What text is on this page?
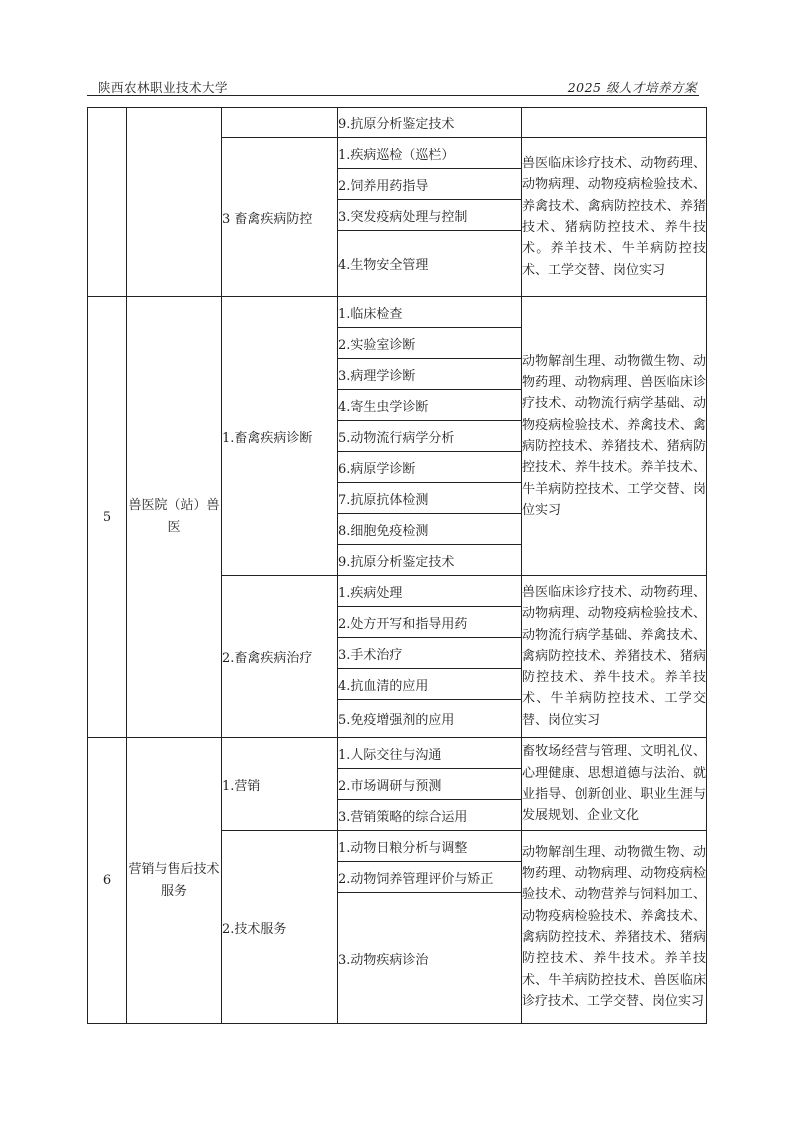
陕西农林职业技术大学	2025 级人才培养方案
			9.抗原分析鉴定技术	
		3 畜禽疾病防控	1.疾病巡检（巡栏）	兽医临床诊疗技术、动物药理、动物病理、动物疫病检验技术、养禽技术、禽病防控技术、养猪技术、猪病防控技术、养牛技术。养羊技术、牛羊病防控技术、工学交替、岗位实习
			2.饲养用药指导	
			3.突发疫病处理与控制	
			4.生物安全管理	
5	兽医院（站）兽医	1.畜禽疾病诊断	1.临床检查	动物解剖生理、动物微生物、动物药理、动物病理、兽医临床诊疗技术、动物流行病学基础、动物疫病检验技术、养禽技术、禽病防控技术、养猪技术、猪病防控技术、养牛技术。养羊技术、牛羊病防控技术、工学交替、岗位实习
			2.实验室诊断	
			3.病理学诊断	
			4.寄生虫学诊断	
			5.动物流行病学分析	
			6.病原学诊断	
			7.抗原抗体检测	
			8.细胞免疫检测	
			9.抗原分析鉴定技术	
		2.畜禽疾病治疗	1.疾病处理	兽医临床诊疗技术、动物药理、动物病理、动物疫病检验技术、动物流行病学基础、养禽技术、禽病防控技术、养猪技术、猪病防控技术、养牛技术。养羊技术、牛羊病防控技术、工学交替、岗位实习
			2.处方开写和指导用药	
			3.手术治疗	
			4.抗血清的应用	
			5.免疫增强剂的应用	
6	营销与售后技术服务	1.营销	1.人际交往与沟通	畜牧场经营与管理、文明礼仪、心理健康、思想道德与法治、就业指导、创新创业、职业生涯与发展规划、企业文化
			2.市场调研与预测	
			3.营销策略的综合运用	
		2.技术服务	1.动物日粮分析与调整	动物解剖生理、动物微生物、动物药理、动物病理、动物疫病检验技术、动物营养与饲料加工、动物疫病检验技术、养禽技术、禽病防控技术、养猪技术、猪病防控技术、养牛技术。养羊技术、牛羊病防控技术、兽医临床诊疗技术、工学交替、岗位实习
			2.动物饲养管理评价与矫正	
			3.动物疾病诊治	
